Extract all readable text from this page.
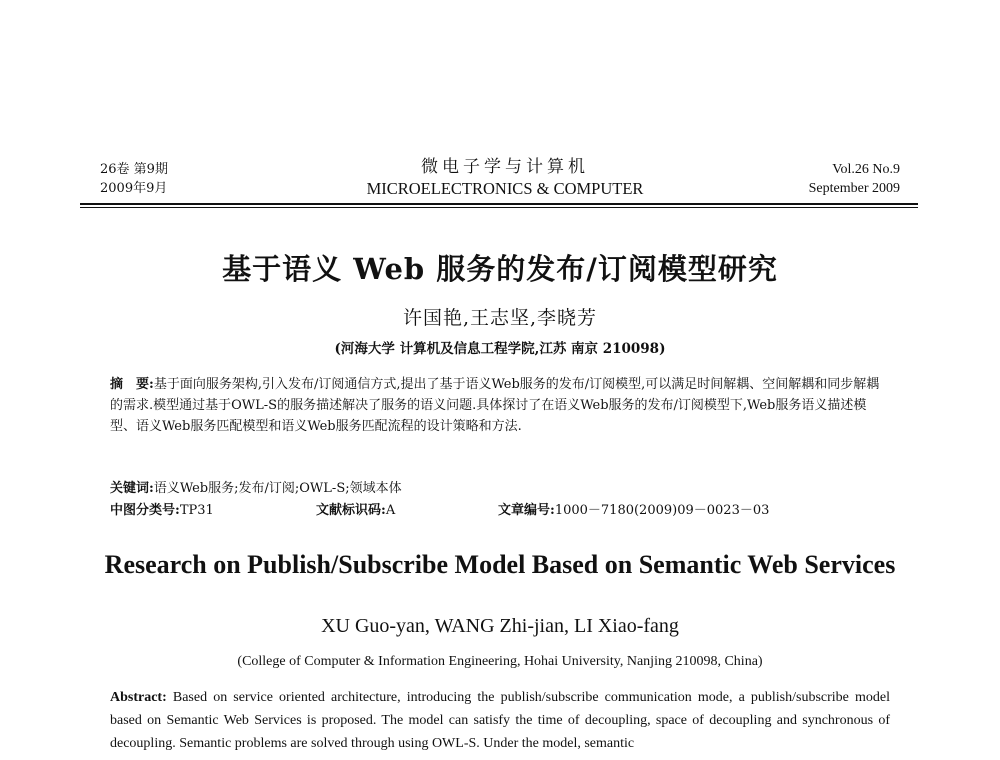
26卷 第9期
2009年9月
微电子学与计算机
MICROELECTRONICS & COMPUTER
Vol.26 No.9
September 2009
基于语义 Web 服务的发布/订阅模型研究
许国艳,王志坚,李晓芳
(河海大学 计算机及信息工程学院,江苏 南京 210098)
摘　要:基于面向服务架构,引入发布/订阅通信方式,提出了基于语义Web服务的发布/订阅模型,可以满足时间解耦、空间解耦和同步解耦的需求.模型通过基于OWL-S的服务描述解决了服务的语义问题.具体探讨了在语义Web服务的发布/订阅模型下,Web服务语义描述模型、语义Web服务匹配模型和语义Web服务匹配流程的设计策略和方法.
关键词:语义Web服务;发布/订阅;OWL-S;领域本体
中图分类号:TP31	文献标识码:A	文章编号:1000－7180(2009)09－0023－03
Research on Publish/Subscribe Model Based on Semantic Web Services
XU Guo-yan, WANG Zhi-jian, LI Xiao-fang
(College of Computer & Information Engineering, Hohai University, Nanjing 210098, China)
Abstract: Based on service oriented architecture, introducing the publish/subscribe communication mode, a publish/subscribe model based on Semantic Web Services is proposed. The model can satisfy the time of decoupling, space of decoupling and synchronous of decoupling. Semantic problems are solved through using OWL-S. Under the model, semantic
